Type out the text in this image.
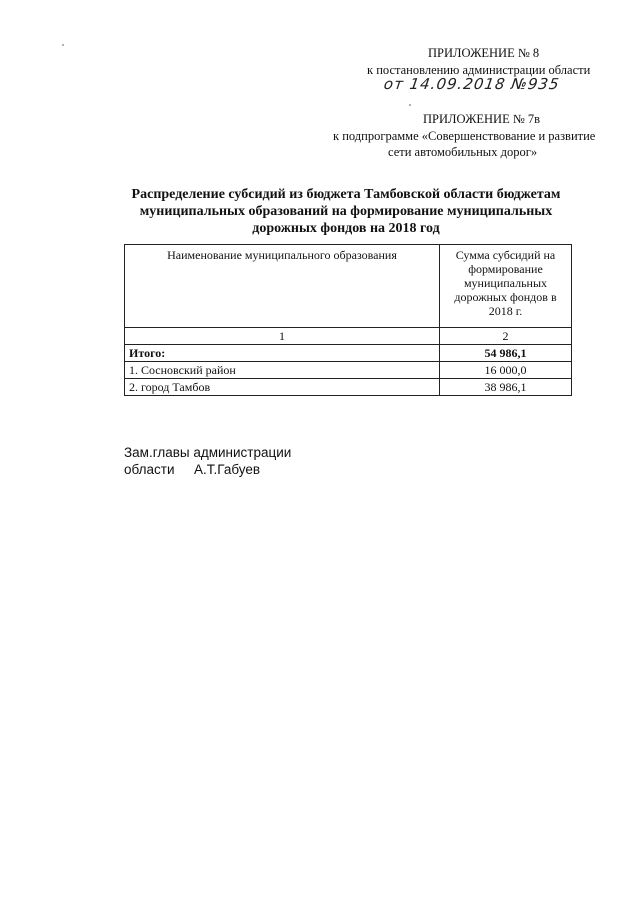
ПРИЛОЖЕНИЕ № 8
к постановлению администрации области
от 14.09.2018 №935
ПРИЛОЖЕНИЕ № 7в
к подпрограмме «Совершенствование и развитие
сети автомобильных дорог»
Распределение субсидий из бюджета Тамбовской области бюджетам
муниципальных образований на формирование муниципальных
дорожных фондов на 2018 год
Наименование муниципального образования	Сумма субсидий на
формирование
муниципальных
дорожных фондов в
2018 г.

1	2
Итого:	54 986,1
1. Сосновский район	16 000,0
2. город Тамбов	38 986,1
Зам.главы администрации
области А.Т.Габуев
